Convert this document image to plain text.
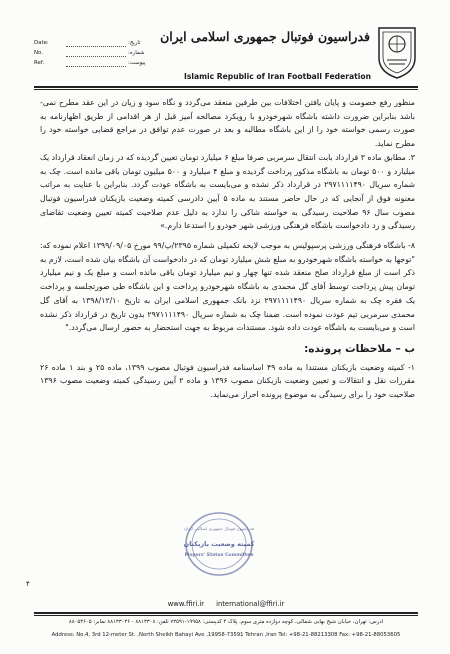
Date:	تاریخ:
No.	شماره:
Ref.	پیوست:
فدراسیون فوتبال جمهوری اسلامی ایران
Islamic Republic of Iran Football Federation

منظور رفع خصومت و پایان یافتن اختلافات بین طرفین منعقد می‌گردد و نگاه سود و زیان در این عقد مطرح نمی-باشد بنابراین ضرورت داشته باشگاه شهرخودرو با رویکرد مصالحه آمیز قبل از هر اقدامی از طریق اظهارنامه به صورت رسمی خواسته خود را از این باشگاه مطالبه و بعد در صورت عدم توافق در مراجع قضایی خواسته خود را مطرح نماید.

۳. مطابق ماده ۳ قرارداد بابت انتقال سرمربی صرفا مبلغ ۶ میلیارد تومان تعیین گردیده که در زمان انعقاد قرارداد یک میلیارد و ۵۰۰ تومان به باشگاه مذکور پرداخت گردیده و مبلغ ۴ میلیارد و ۵۰۰ میلیون تومان باقی مانده است. چک به شماره سریال ۲۹۷۱۱۱۱۴۹۰ در قرارداد ذکر نشده و می‌بایست به باشگاه عودت گردد. بنابراین با عنایت به مراتب معنونه فوق از آنجایی که در حال حاضر مستند به ماده ۵ آیین دادرسی کمیته وضعیت بازیکنان فدراسیون فوتبال مصوب سال ۹۶ صلاحیت رسیدگی به خواسته شاکی را ندارد به دلیل عدم صلاحیت کمیته تعیین وضعیت تقاضای رسیدگی و رد دادخواست باشگاه فرهنگی ورزشی شهر خودرو را استدعا دارم.»

۸- باشگاه فرهنگی ورزشی پرسپولیس به موجب لایحه تکمیلی شماره ۲۳۹۵/پ/۹۹ مورخ ۱۳۹۹/۰۹/۰۵ اعلام نموده که: "توجها به خواسته باشگاه شهرخودرو به مبلغ شش میلیارد تومان که در دادخواست آن باشگاه بیان شده است، لازم به ذکر است از مبلغ قرارداد صلح منعقد شده تنها چهار و نیم میلیارد تومان باقی مانده است و مبلغ یک و نیم میلیارد تومان پیش پرداخت توسط آقای گل محمدی به باشگاه شهرخودرو پرداخت و این باشگاه طی صورتجلسه و پرداخت یک فقره چک به شماره سریال ۲۹۷۱۱۱۱۴۹۰ نزد بانک جمهوری اسلامی ایران به تاریخ ۱۳۹۸/۱۲/۱۰ به آقای گل محمدی سرمربی تیم عودت نموده است. ضمنا چک به شماره سریال ۲۹۷۱۱۱۱۴۹۰ بدون تاریخ در قرارداد ذکر نشده است و می‌بایست به باشگاه عودت داده شود. مستندات مربوط به جهت استحضار به حضور ارسال می‌گردد."

ب – ملاحظات پرونده:

۱- کمیته وضعیت بازیکنان مستندا به ماده ۴۹ اساسنامه فدراسیون فوتبال مصوب ۱۳۹۹، ماده ۲۵ و بند ۱ ماده ۲۶ مقررات نقل و انتقالات و تعیین وضعیت بازیکنان مصوب ۱۳۹۶ و ماده ۲ آیین رسیدگی کمیته وضعیت مصوب ۱۳۹۶ صلاحیت خود را برای رسیدگی به موضوع پرونده احراز می‌نماید.

فدراسیون فوتبال جمهوری اسلامی ایران
کمیته وضعیت بازیکنان
Players' Status Committee
۴
www.ffiri.ir international@ffiri.ir
آدرس: تهران، خیابان شیخ بهایی شمالی، کوچه دوازده متری سوم، پلاک ۴ کدپستی: ۱۹۹۵۸-۷۳۵۹۱ تلفن: ۸۸۱۳۳۰۸ - ۸۸۱۳۳۰۳۶ نمابر: ۸۸۰۵۳۶۰۵
Address: No.4, 3rd 12-meter St. ,North Sheikh Bahayi Ave ,19958-73591 Tehran ,Iran Tel: +98-21-88213308 Fax: +98-21-88053605
